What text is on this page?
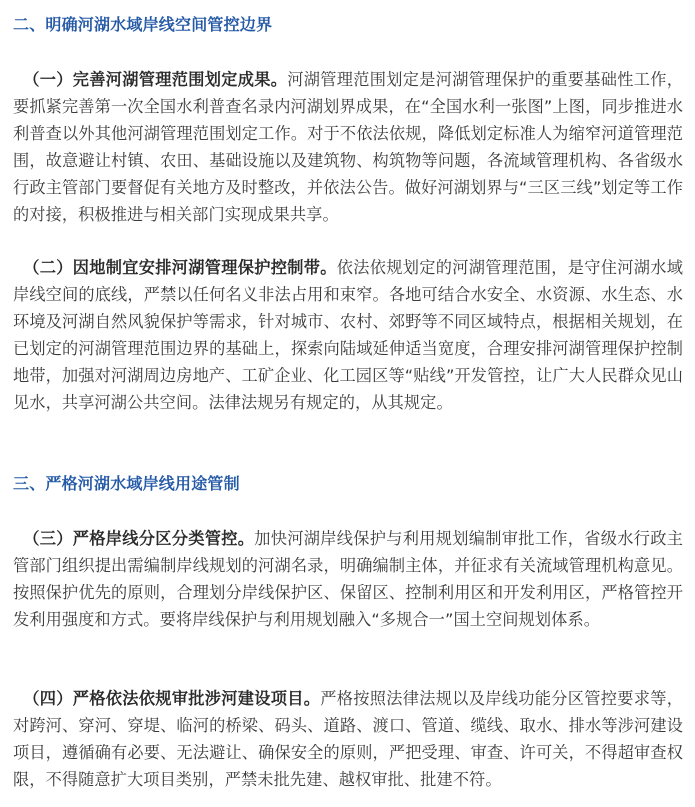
二、明确河湖水域岸线空间管控边界

（一）完善河湖管理范围划定成果。河湖管理范围划定是河湖管理保护的重要基础性工作，要抓紧完善第一次全国水利普查名录内河湖划界成果，在“全国水利一张图”上图，同步推进水利普查以外其他河湖管理范围划定工作。对于不依法依规，降低划定标准人为缩窄河道管理范围，故意避让村镇、农田、基础设施以及建筑物、构筑物等问题，各流域管理机构、各省级水行政主管部门要督促有关地方及时整改，并依法公告。做好河湖划界与“三区三线”划定等工作的对接，积极推进与相关部门实现成果共享。

（二）因地制宜安排河湖管理保护控制带。依法依规划定的河湖管理范围，是守住河湖水域岸线空间的底线，严禁以任何名义非法占用和束窄。各地可结合水安全、水资源、水生态、水环境及河湖自然风貌保护等需求，针对城市、农村、郊野等不同区域特点，根据相关规划，在已划定的河湖管理范围边界的基础上，探索向陆域延伸适当宽度，合理安排河湖管理保护控制地带，加强对河湖周边房地产、工矿企业、化工园区等“贴线”开发管控，让广大人民群众见山见水，共享河湖公共空间。法律法规另有规定的，从其规定。

三、严格河湖水域岸线用途管制

（三）严格岸线分区分类管控。加快河湖岸线保护与利用规划编制审批工作，省级水行政主管部门组织提出需编制岸线规划的河湖名录，明确编制主体，并征求有关流域管理机构意见。按照保护优先的原则，合理划分岸线保护区、保留区、控制利用区和开发利用区，严格管控开发利用强度和方式。要将岸线保护与利用规划融入“多规合一”国土空间规划体系。

（四）严格依法依规审批涉河建设项目。严格按照法律法规以及岸线功能分区管控要求等，对跨河、穿河、穿堤、临河的桥梁、码头、道路、渡口、管道、缆线、取水、排水等涉河建设项目，遵循确有必要、无法避让、确保安全的原则，严把受理、审查、许可关，不得超审查权限，不得随意扩大项目类别，严禁未批先建、越权审批、批建不符。
